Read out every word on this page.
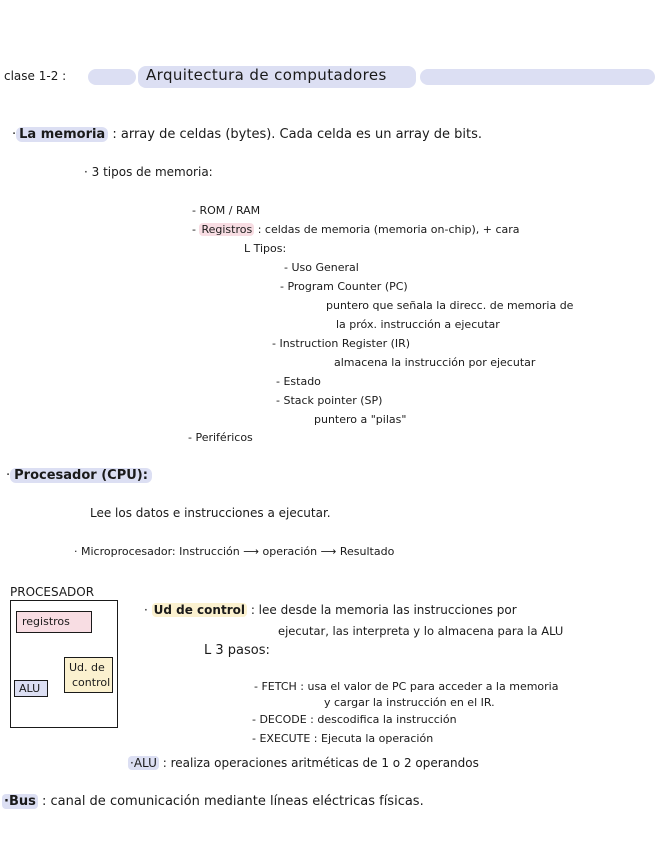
clase 1-2 :	Arquitectura de computadores
· La memoria : array de celdas (bytes). Cada celda es un array de bits.
· 3 tipos de memoria:
- ROM / RAM
- Registros : celdas de memoria (memoria on-chip), + cara
L Tipos:
- Uso General
- Program Counter (PC)
puntero que señala la direcc. de memoria de
la próx. instrucción a ejecutar
- Instruction Register (IR)
almacena la instrucción por ejecutar
- Estado
- Stack pointer (SP)
puntero a "pilas"
- Periféricos
· Procesador (CPU):
Lee los datos e instrucciones a ejecutar.
· Microprocesador: Instrucción ⟶ operación ⟶ Resultado
PROCESADOR
registros
ALU
Ud. de
control
· Ud de control : lee desde la memoria las instrucciones por
ejecutar, las interpreta y lo almacena para la ALU
L 3 pasos:
- FETCH : usa el valor de PC para acceder a la memoria
y cargar la instrucción en el IR.
- DECODE : descodifica la instrucción
- EXECUTE : Ejecuta la operación
·ALU : realiza operaciones aritméticas de 1 o 2 operandos
·Bus : canal de comunicación mediante líneas eléctricas físicas.
